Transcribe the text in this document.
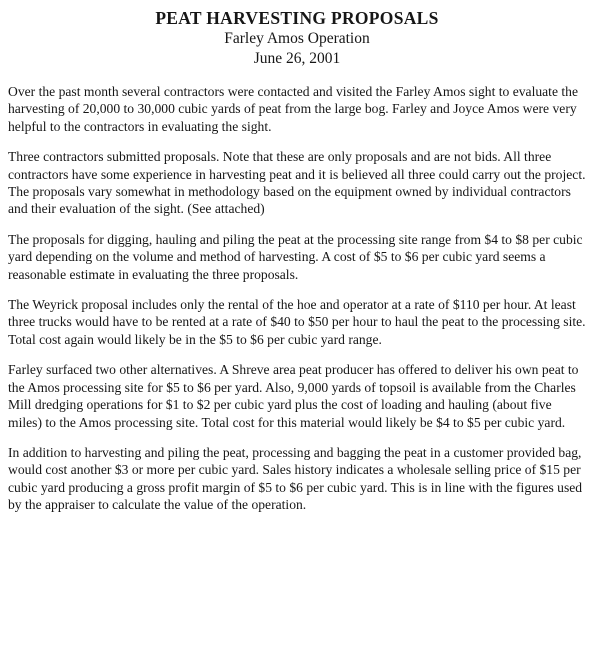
PEAT HARVESTING PROPOSALS

Farley Amos Operation

June 26, 2001

Over the past month several contractors were contacted and visited the Farley Amos sight to evaluate the harvesting of 20,000 to 30,000 cubic yards of peat from the large bog. Farley and Joyce Amos were very helpful to the contractors in evaluating the sight.

Three contractors submitted proposals. Note that these are only proposals and are not bids. All three contractors have some experience in harvesting peat and it is believed all three could carry out the project. The proposals vary somewhat in methodology based on the equipment owned by individual contractors and their evaluation of the sight. (See attached)

The proposals for digging, hauling and piling the peat at the processing site range from $4 to $8 per cubic yard depending on the volume and method of harvesting. A cost of $5 to $6 per cubic yard seems a reasonable estimate in evaluating the three proposals.

The Weyrick proposal includes only the rental of the hoe and operator at a rate of $110 per hour. At least three trucks would have to be rented at a rate of $40 to $50 per hour to haul the peat to the processing site. Total cost again would likely be in the $5 to $6 per cubic yard range.

Farley surfaced two other alternatives. A Shreve area peat producer has offered to deliver his own peat to the Amos processing site for $5 to $6 per yard. Also, 9,000 yards of topsoil is available from the Charles Mill dredging operations for $1 to $2 per cubic yard plus the cost of loading and hauling (about five miles) to the Amos processing site. Total cost for this material would likely be $4 to $5 per cubic yard.

In addition to harvesting and piling the peat, processing and bagging the peat in a customer provided bag, would cost another $3 or more per cubic yard. Sales history indicates a wholesale selling price of $15 per cubic yard producing a gross profit margin of $5 to $6 per cubic yard. This is in line with the figures used by the appraiser to calculate the value of the operation.
